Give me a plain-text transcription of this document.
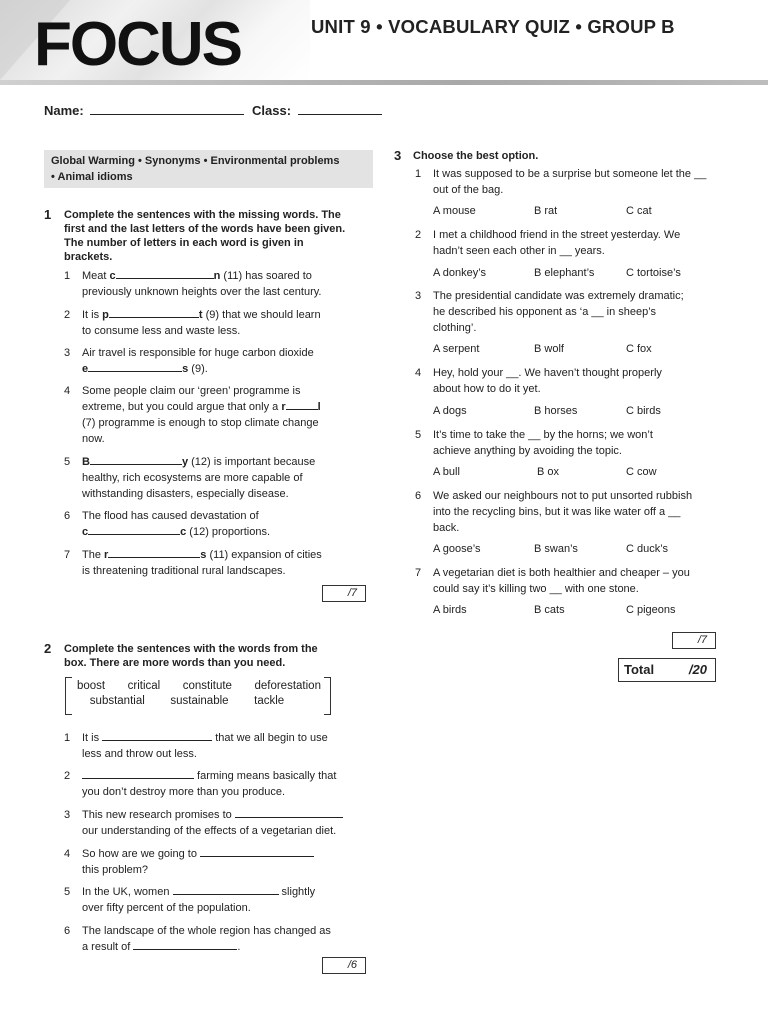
FOCUS	UNIT 9 • VOCABULARY QUIZ • GROUP B
Name:	Class:
Global Warming • Synonyms • Environmental problems
• Animal idioms
1 Complete the sentences with the missing words. The
first and the last letters of the words have been given.
The number of letters in each word is given in
brackets.
1 Meat c	n (11) has soared to
previously unknown heights over the last century.
2 It is p	t (9) that we should learn
to consume less and waste less.
3 Air travel is responsible for huge carbon dioxide
e	s (9).
4 Some people claim our ‘green’ programme is
extreme, but you could argue that only a r	l
(7) programme is enough to stop climate change
now.
5 B	y (12) is important because
healthy, rich ecosystems are more capable of
withstanding disasters, especially disease.
6 The flood has caused devastation of
c	c (12) proportions.
7 The r	s (11) expansion of cities
is threatening traditional rural landscapes.
/7
2 Complete the sentences with the words from the
box. There are more words than you need.
boost critical constitute deforestation
substantial sustainable tackle
1 It is	that we all begin to use
less and throw out less.
2	farming means basically that
you don’t destroy more than you produce.
3 This new research promises to
our understanding of the effects of a vegetarian diet.
4 So how are we going to
this problem?
5 In the UK, women	slightly
over fifty percent of the population.
6 The landscape of the whole region has changed as
a result of	.
/6
3 Choose the best option.
1 It was supposed to be a surprise but someone let the __
out of the bag.
A mouse	B rat	C cat
2 I met a childhood friend in the street yesterday. We
hadn’t seen each other in __ years.
A donkey’s	B elephant’s	C tortoise’s
3 The presidential candidate was extremely dramatic;
he described his opponent as ‘a __ in sheep’s
clothing’.
A serpent	B wolf	C fox
4 Hey, hold your __. We haven’t thought properly
about how to do it yet.
A dogs	B horses	C birds
5 It’s time to take the __ by the horns; we won’t
achieve anything by avoiding the topic.
A bull	B ox	C cow
6 We asked our neighbours not to put unsorted rubbish
into the recycling bins, but it was like water off a __
back.
A goose’s	B swan’s	C duck’s
7 A vegetarian diet is both healthier and cheaper – you
could say it’s killing two __ with one stone.
A birds	B cats	C pigeons
/7
Total	/20
